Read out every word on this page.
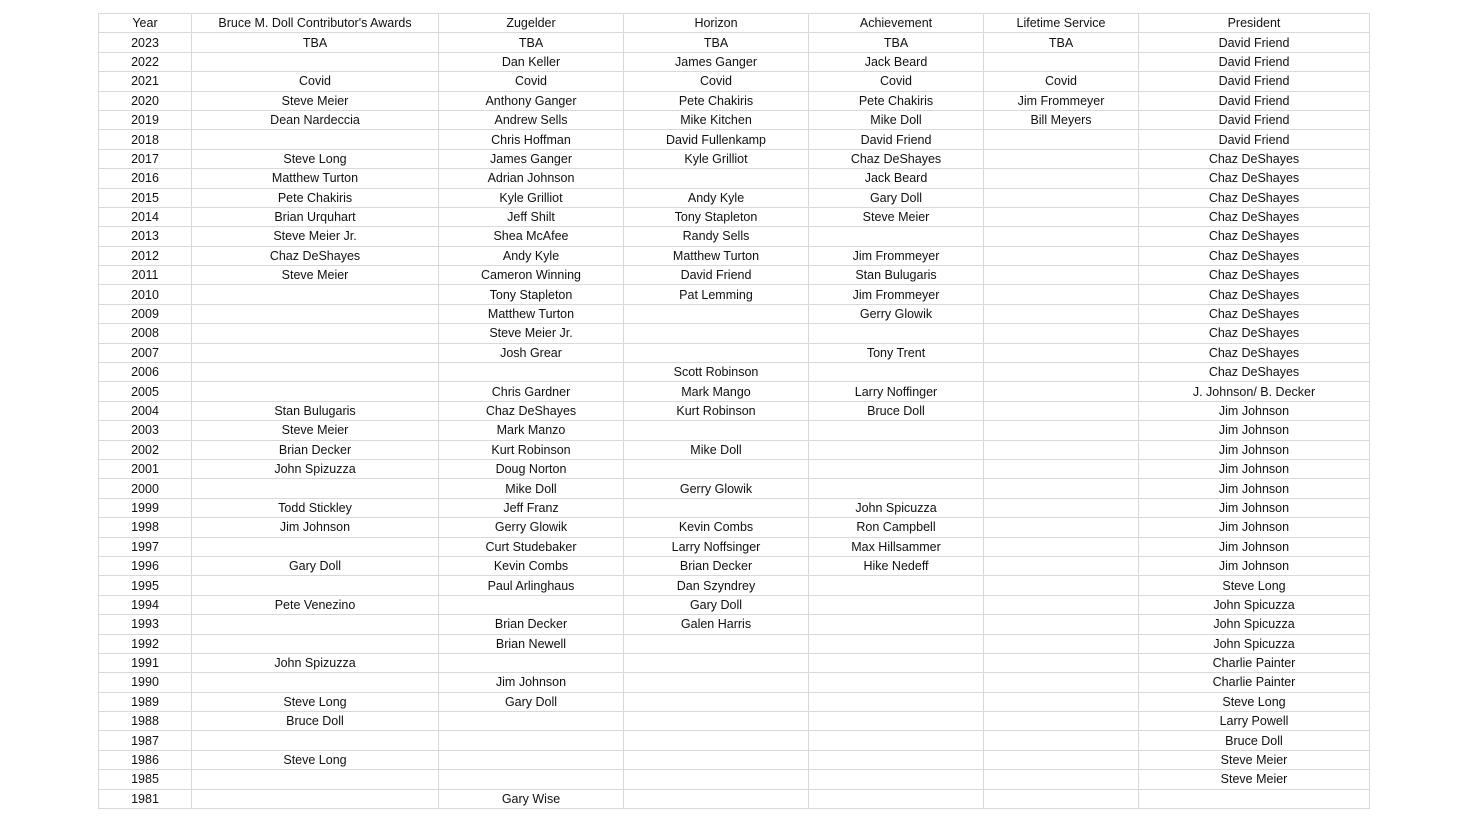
Year	Bruce M. Doll Contributor's Awards	Zugelder	Horizon	Achievement	Lifetime Service	President
2023	TBA	TBA	TBA	TBA	TBA	David Friend
2022		Dan Keller	James Ganger	Jack Beard		David Friend
2021	Covid	Covid	Covid	Covid	Covid	David Friend
2020	Steve Meier	Anthony Ganger	Pete Chakiris	Pete Chakiris	Jim Frommeyer	David Friend
2019	Dean Nardeccia	Andrew Sells	Mike Kitchen	Mike Doll	Bill Meyers	David Friend
2018		Chris Hoffman	David Fullenkamp	David Friend		David Friend
2017	Steve Long	James Ganger	Kyle Grilliot	Chaz DeShayes		Chaz DeShayes
2016	Matthew Turton	Adrian Johnson		Jack Beard		Chaz DeShayes
2015	Pete Chakiris	Kyle Grilliot	Andy Kyle	Gary Doll		Chaz DeShayes
2014	Brian Urquhart	Jeff Shilt	Tony Stapleton	Steve Meier		Chaz DeShayes
2013	Steve Meier Jr.	Shea McAfee	Randy Sells			Chaz DeShayes
2012	Chaz DeShayes	Andy Kyle	Matthew Turton	Jim Frommeyer		Chaz DeShayes
2011	Steve Meier	Cameron Winning	David Friend	Stan Bulugaris		Chaz DeShayes
2010		Tony Stapleton	Pat Lemming	Jim Frommeyer		Chaz DeShayes
2009		Matthew Turton		Gerry Glowik		Chaz DeShayes
2008		Steve Meier Jr.				Chaz DeShayes
2007		Josh Grear		Tony Trent		Chaz DeShayes
2006			Scott Robinson			Chaz DeShayes
2005		Chris Gardner	Mark Mango	Larry Noffinger		J. Johnson/ B. Decker
2004	Stan Bulugaris	Chaz DeShayes	Kurt Robinson	Bruce Doll		Jim Johnson
2003	Steve Meier	Mark Manzo				Jim Johnson
2002	Brian Decker	Kurt Robinson	Mike Doll			Jim Johnson
2001	John Spizuzza	Doug Norton				Jim Johnson
2000		Mike Doll	Gerry Glowik			Jim Johnson
1999	Todd Stickley	Jeff Franz		John Spicuzza		Jim Johnson
1998	Jim Johnson	Gerry Glowik	Kevin Combs	Ron Campbell		Jim Johnson
1997		Curt Studebaker	Larry Noffsinger	Max Hillsammer		Jim Johnson
1996	Gary Doll	Kevin Combs	Brian Decker	Hike Nedeff		Jim Johnson
1995		Paul Arlinghaus	Dan Szyndrey			Steve Long
1994	Pete Venezino		Gary Doll			John Spicuzza
1993		Brian Decker	Galen Harris			John Spicuzza
1992		Brian Newell				John Spicuzza
1991	John Spizuzza					Charlie Painter
1990		Jim Johnson				Charlie Painter
1989	Steve Long	Gary Doll				Steve Long
1988	Bruce Doll					Larry Powell
1987						Bruce Doll
1986	Steve Long					Steve Meier
1985						Steve Meier
1981		Gary Wise				
